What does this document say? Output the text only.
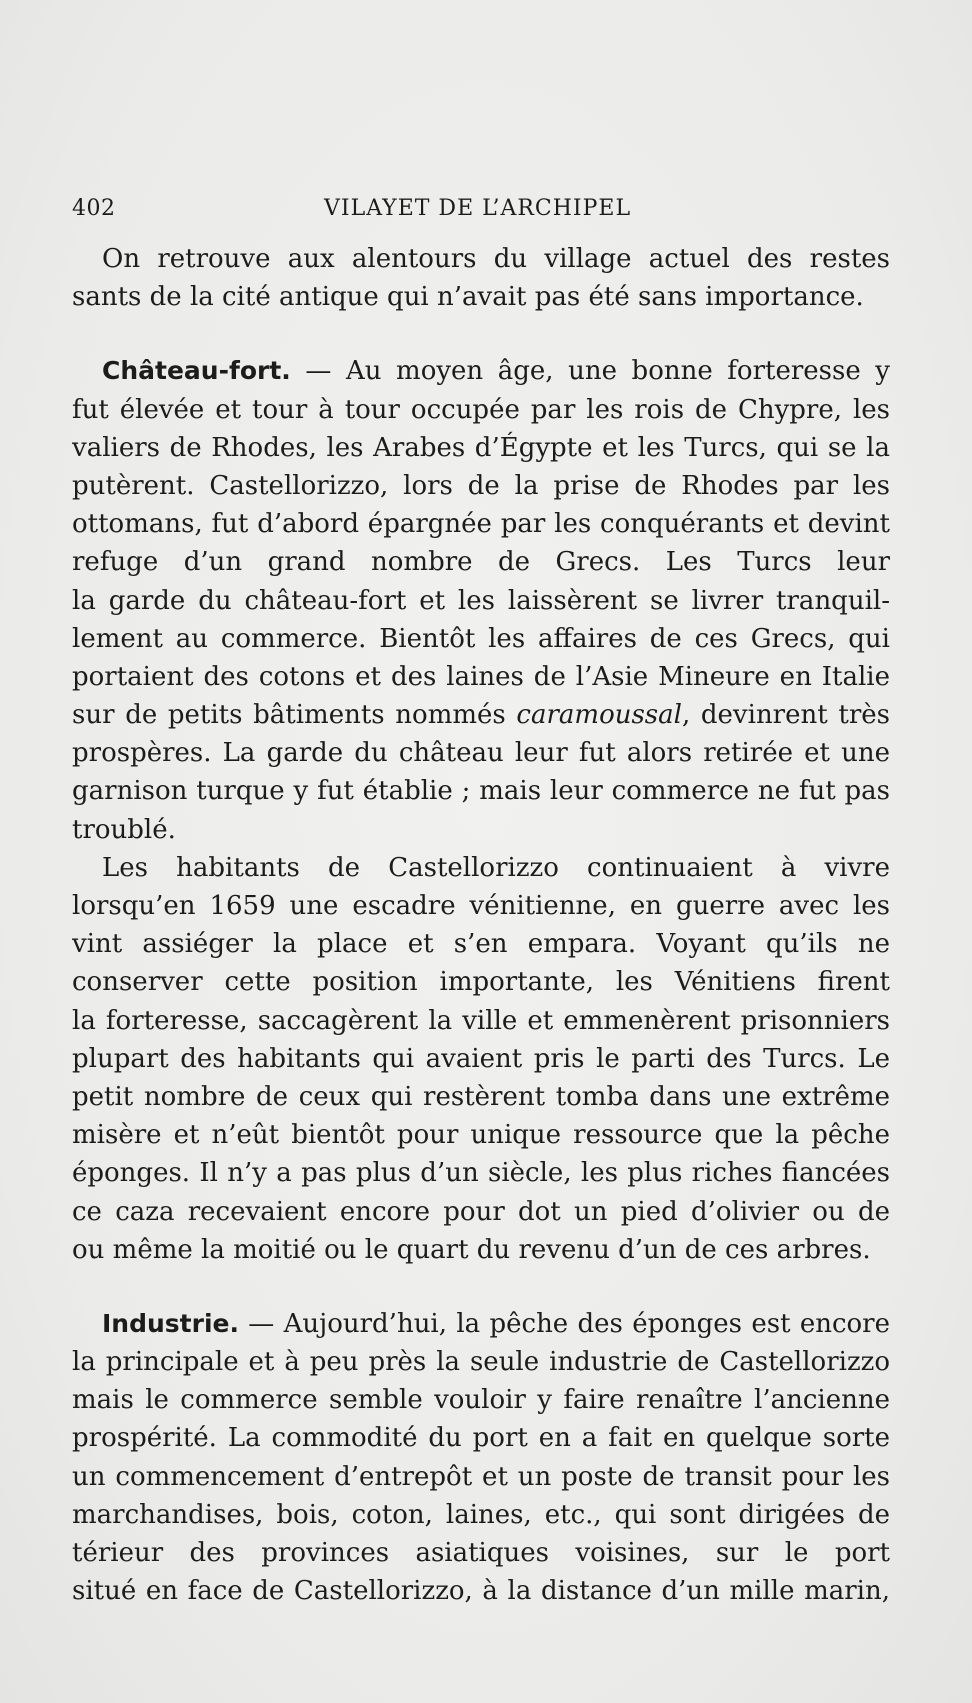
402	VILAYET DE L’ARCHIPEL
On retrouve aux alentours du village actuel des restes
sants de la cité antique qui n’avait pas été sans importance.
Château-fort. — Au moyen âge, une bonne forteresse y
fut élevée et tour à tour occupée par les rois de Chypre, les
valiers de Rhodes, les Arabes d’Égypte et les Turcs, qui se la
putèrent. Castellorizzo, lors de la prise de Rhodes par les
ottomans, fut d’abord épargnée par les conquérants et devint
refuge d’un grand nombre de Grecs. Les Turcs leur
la garde du château-fort et les laissèrent se livrer tranquil-
lement au commerce. Bientôt les affaires de ces Grecs, qui
portaient des cotons et des laines de l’Asie Mineure en Italie
sur de petits bâtiments nommés caramoussal, devinrent très
prospères. La garde du château leur fut alors retirée et une
garnison turque y fut établie ; mais leur commerce ne fut pas
troublé.
Les habitants de Castellorizzo continuaient à vivre
lorsqu’en 1659 une escadre vénitienne, en guerre avec les
vint assiéger la place et s’en empara. Voyant qu’ils ne
conserver cette position importante, les Vénitiens firent
la forteresse, saccagèrent la ville et emmenèrent prisonniers
plupart des habitants qui avaient pris le parti des Turcs. Le
petit nombre de ceux qui restèrent tomba dans une extrême
misère et n’eût bientôt pour unique ressource que la pêche
éponges. Il n’y a pas plus d’un siècle, les plus riches fiancées
ce caza recevaient encore pour dot un pied d’olivier ou de
ou même la moitié ou le quart du revenu d’un de ces arbres.
Industrie. — Aujourd’hui, la pêche des éponges est encore
la principale et à peu près la seule industrie de Castellorizzo
mais le commerce semble vouloir y faire renaître l’ancienne
prospérité. La commodité du port en a fait en quelque sorte
un commencement d’entrepôt et un poste de transit pour les
marchandises, bois, coton, laines, etc., qui sont dirigées de
térieur des provinces asiatiques voisines, sur le port
situé en face de Castellorizzo, à la distance d’un mille marin,
